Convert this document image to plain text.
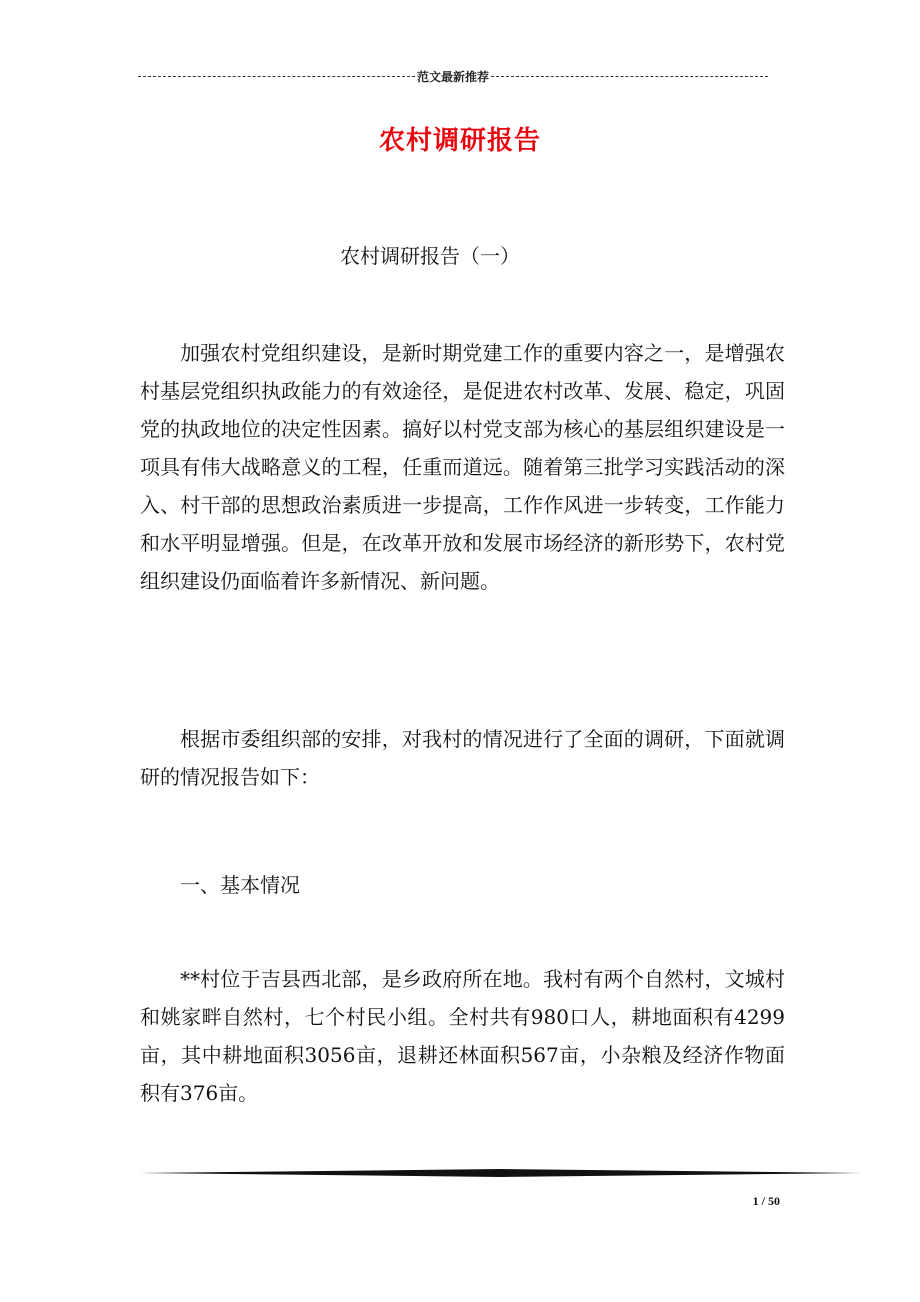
范文最新推荐
农村调研报告
农村调研报告（一）

加强农村党组织建设，是新时期党建工作的重要内容之一，是增强农村基层党组织执政能力的有效途径，是促进农村改革、发展、稳定，巩固党的执政地位的决定性因素。搞好以村党支部为核心的基层组织建设是一项具有伟大战略意义的工程，任重而道远。随着第三批学习实践活动的深入、村干部的思想政治素质进一步提高，工作作风进一步转变，工作能力和水平明显增强。但是，在改革开放和发展市场经济的新形势下，农村党组织建设仍面临着许多新情况、新问题。

根据市委组织部的安排，对我村的情况进行了全面的调研，下面就调研的情况报告如下：

一、基本情况

**村位于吉县西北部，是乡政府所在地。我村有两个自然村，文城村和姚家畔自然村，七个村民小组。全村共有980口人，耕地面积有4299亩，其中耕地面积3056亩，退耕还林面积567亩，小杂粮及经济作物面积有376亩。

1 / 50
